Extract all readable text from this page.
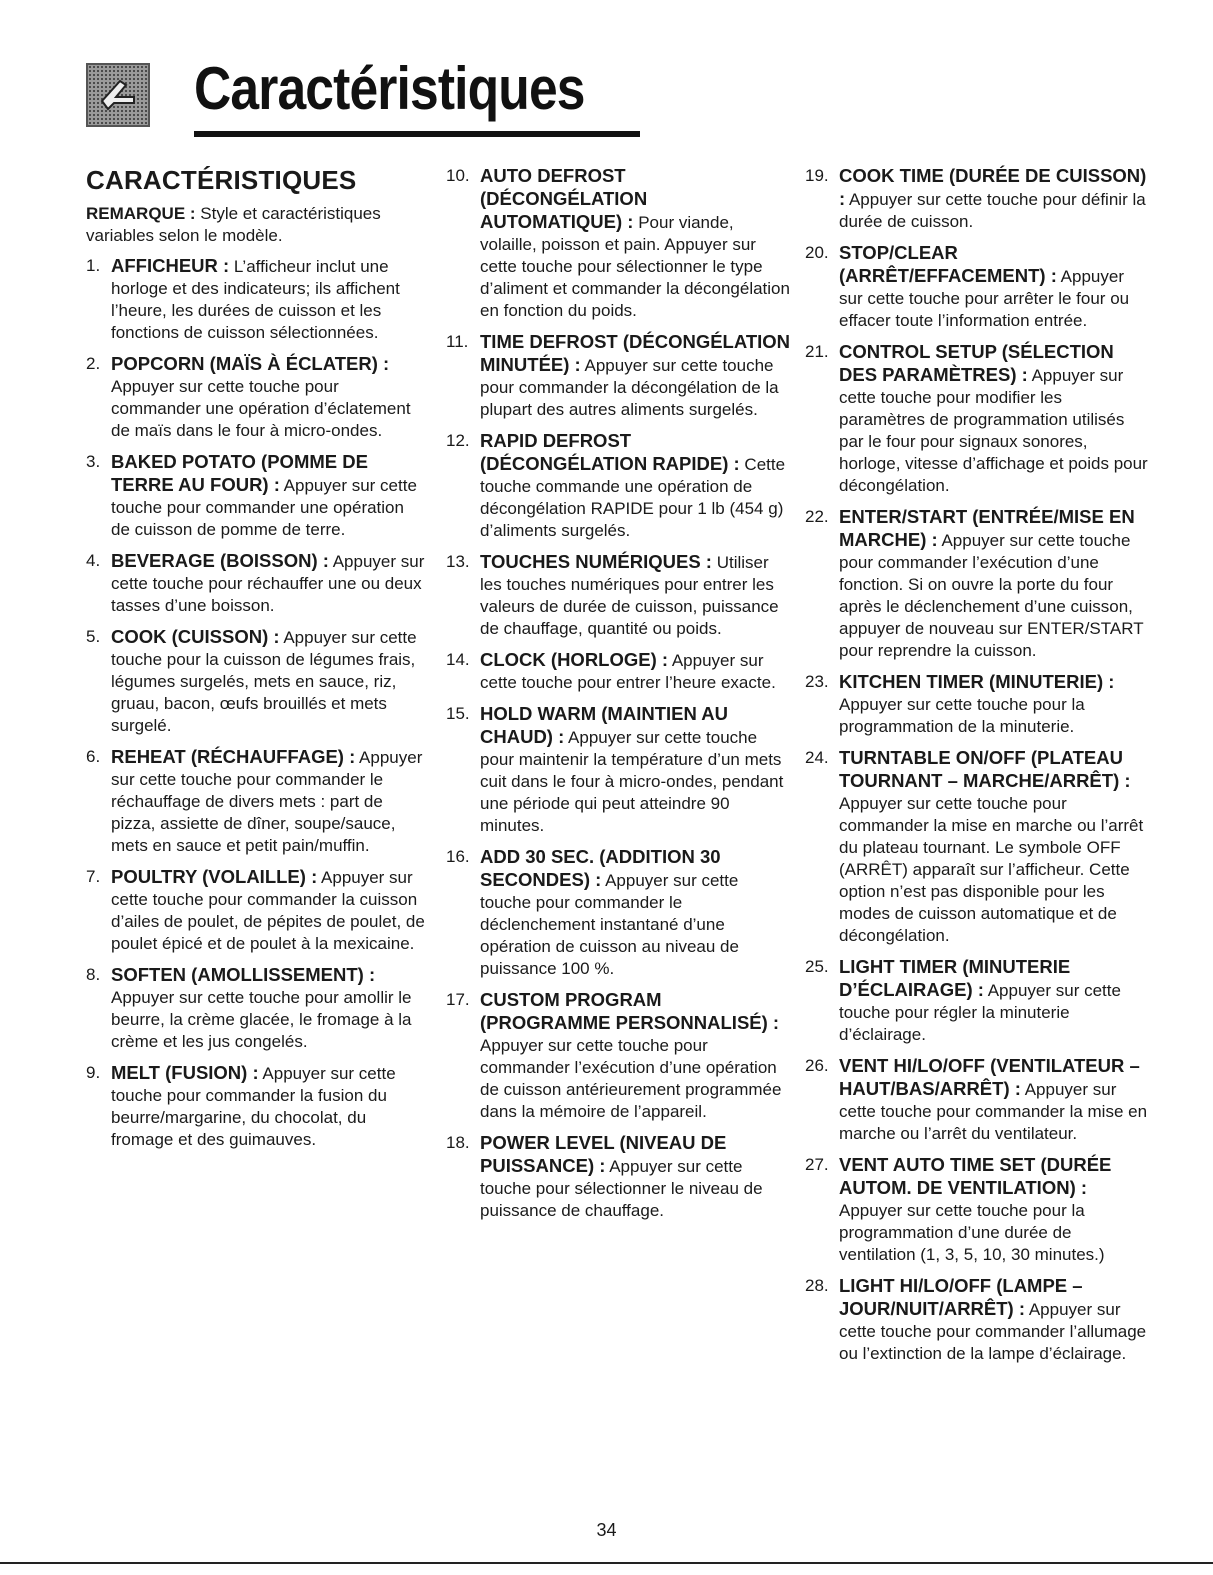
Caractéristiques
CARACTÉRISTIQUES

REMARQUE : Style et caractéristiques variables selon le modèle.

1. AFFICHEUR : L’afficheur inclut une horloge et des indicateurs; ils affichent l’heure, les durées de cuisson et les fonctions de cuisson sélectionnées.
2. POPCORN (MAÏS À ÉCLATER) : Appuyer sur cette touche pour commander une opération d’éclatement de maïs dans le four à micro-ondes.
3. BAKED POTATO (POMME DE TERRE AU FOUR) : Appuyer sur cette touche pour commander une opération de cuisson de pomme de terre.
4. BEVERAGE (BOISSON) : Appuyer sur cette touche pour réchauffer une ou deux tasses d’une boisson.
5. COOK (CUISSON) : Appuyer sur cette touche pour la cuisson de légumes frais, légumes surgelés, mets en sauce, riz, gruau, bacon, œufs brouillés et mets surgelé.
6. REHEAT (RÉCHAUFFAGE) : Appuyer sur cette touche pour commander le réchauffage de divers mets : part de pizza, assiette de dîner, soupe/sauce, mets en sauce et petit pain/muffin.
7. POULTRY (VOLAILLE) : Appuyer sur cette touche pour commander la cuisson d’ailes de poulet, de pépites de poulet, de poulet épicé et de poulet à la mexicaine.
8. SOFTEN (AMOLLISSEMENT) : Appuyer sur cette touche pour amollir le beurre, la crème glacée, le fromage à la crème et les jus congelés.
9. MELT (FUSION) : Appuyer sur cette touche pour commander la fusion du beurre/margarine, du chocolat, du fromage et des guimauves.
10. AUTO DEFROST (DÉCONGÉLATION AUTOMATIQUE) : Pour viande, volaille, poisson et pain. Appuyer sur cette touche pour sélectionner le type d’aliment et commander la décongélation en fonction du poids.
11. TIME DEFROST (DÉCONGÉLATION MINUTÉE) : Appuyer sur cette touche pour commander la décongélation de la plupart des autres aliments surgelés.
12. RAPID DEFROST (DÉCONGÉLATION RAPIDE) : Cette touche commande une opération de décongélation RAPIDE pour 1 lb (454 g) d’aliments surgelés.
13. TOUCHES NUMÉRIQUES : Utiliser les touches numériques pour entrer les valeurs de durée de cuisson, puissance de chauffage, quantité ou poids.
14. CLOCK (HORLOGE) : Appuyer sur cette touche pour entrer l’heure exacte.
15. HOLD WARM (MAINTIEN AU CHAUD) : Appuyer sur cette touche pour maintenir la température d’un mets cuit dans le four à micro-ondes, pendant une période qui peut atteindre 90 minutes.
16. ADD 30 SEC. (ADDITION 30 SECONDES) : Appuyer sur cette touche pour commander le déclenchement instantané d’une opération de cuisson au niveau de puissance 100 %.
17. CUSTOM PROGRAM (PROGRAMME PERSONNALISÉ) : Appuyer sur cette touche pour commander l’exécution d’une opération de cuisson antérieurement programmée dans la mémoire de l’appareil.
18. POWER LEVEL (NIVEAU DE PUISSANCE) : Appuyer sur cette touche pour sélectionner le niveau de puissance de chauffage.
19. COOK TIME (DURÉE DE CUISSON) : Appuyer sur cette touche pour définir la durée de cuisson.
20. STOP/CLEAR (ARRÊT/EFFACEMENT) : Appuyer sur cette touche pour arrêter le four ou effacer toute l’information entrée.
21. CONTROL SETUP (SÉLECTION DES PARAMÈTRES) : Appuyer sur cette touche pour modifier les paramètres de programmation utilisés par le four pour signaux sonores, horloge, vitesse d’affichage et poids pour décongélation.
22. ENTER/START (ENTRÉE/MISE EN MARCHE) : Appuyer sur cette touche pour commander l’exécution d’une fonction. Si on ouvre la porte du four après le déclenchement d’une cuisson, appuyer de nouveau sur ENTER/START pour reprendre la cuisson.
23. KITCHEN TIMER (MINUTERIE) : Appuyer sur cette touche pour la programmation de la minuterie.
24. TURNTABLE ON/OFF (PLATEAU TOURNANT – MARCHE/ARRÊT) : Appuyer sur cette touche pour commander la mise en marche ou l’arrêt du plateau tournant. Le symbole OFF (ARRÊT) apparaît sur l’afficheur. Cette option n’est pas disponible pour les modes de cuisson automatique et de décongélation.
25. LIGHT TIMER (MINUTERIE D’ÉCLAIRAGE) : Appuyer sur cette touche pour régler la minuterie d’éclairage.
26. VENT HI/LO/OFF (VENTILATEUR – HAUT/BAS/ARRÊT) : Appuyer sur cette touche pour commander la mise en marche ou l’arrêt du ventilateur.
27. VENT AUTO TIME SET (DURÉE AUTOM. DE VENTILATION) : Appuyer sur cette touche pour la programmation d’une durée de ventilation (1, 3, 5, 10, 30 minutes.)
28. LIGHT HI/LO/OFF (LAMPE – JOUR/NUIT/ARRÊT) : Appuyer sur cette touche pour commander l’allumage ou l’extinction de la lampe d’éclairage.
34
